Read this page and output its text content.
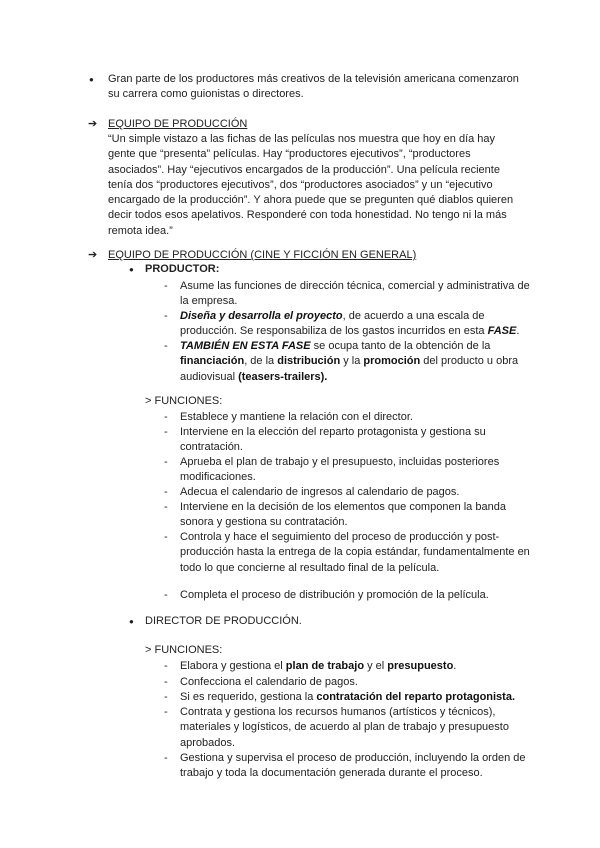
● Gran parte de los productores más creativos de la televisión americana comenzaron su carrera como guionistas o directores.
➔ EQUIPO DE PRODUCCIÓN
“Un simple vistazo a las fichas de las películas nos muestra que hoy en día hay gente que “presenta” películas. Hay “productores ejecutivos”, “productores asociados”. Hay “ejecutivos encargados de la producción”. Una película reciente tenía dos “productores ejecutivos”, dos “productores asociados” y un “ejecutivo encargado de la producción”. Y ahora puede que se pregunten qué diablos quieren decir todos esos apelativos. Responderé con toda honestidad. No tengo ni la más remota idea.”
➔ EQUIPO DE PRODUCCIÓN (CINE Y FICCIÓN EN GENERAL)
● PRODUCTOR:
- Asume las funciones de dirección técnica, comercial y administrativa de la empresa.
- Diseña y desarrolla el proyecto, de acuerdo a una escala de producción. Se responsabiliza de los gastos incurridos en esta FASE.
- TAMBIÉN EN ESTA FASE se ocupa tanto de la obtención de la financiación, de la distribución y la promoción del producto u obra audiovisual (teasers-trailers).
> FUNCIONES:
- Establece y mantiene la relación con el director.
- Interviene en la elección del reparto protagonista y gestiona su contratación.
- Aprueba el plan de trabajo y el presupuesto, incluidas posteriores modificaciones.
- Adecua el calendario de ingresos al calendario de pagos.
- Interviene en la decisión de los elementos que componen la banda sonora y gestiona su contratación.
- Controla y hace el seguimiento del proceso de producción y post-producción hasta la entrega de la copia estándar, fundamentalmente en todo lo que concierne al resultado final de la película.
- Completa el proceso de distribución y promoción de la película.
● DIRECTOR DE PRODUCCIÓN.
> FUNCIONES:
- Elabora y gestiona el plan de trabajo y el presupuesto.
- Confecciona el calendario de pagos.
- Si es requerido, gestiona la contratación del reparto protagonista.
- Contrata y gestiona los recursos humanos (artísticos y técnicos), materiales y logísticos, de acuerdo al plan de trabajo y presupuesto aprobados.
- Gestiona y supervisa el proceso de producción, incluyendo la orden de trabajo y toda la documentación generada durante el proceso.
